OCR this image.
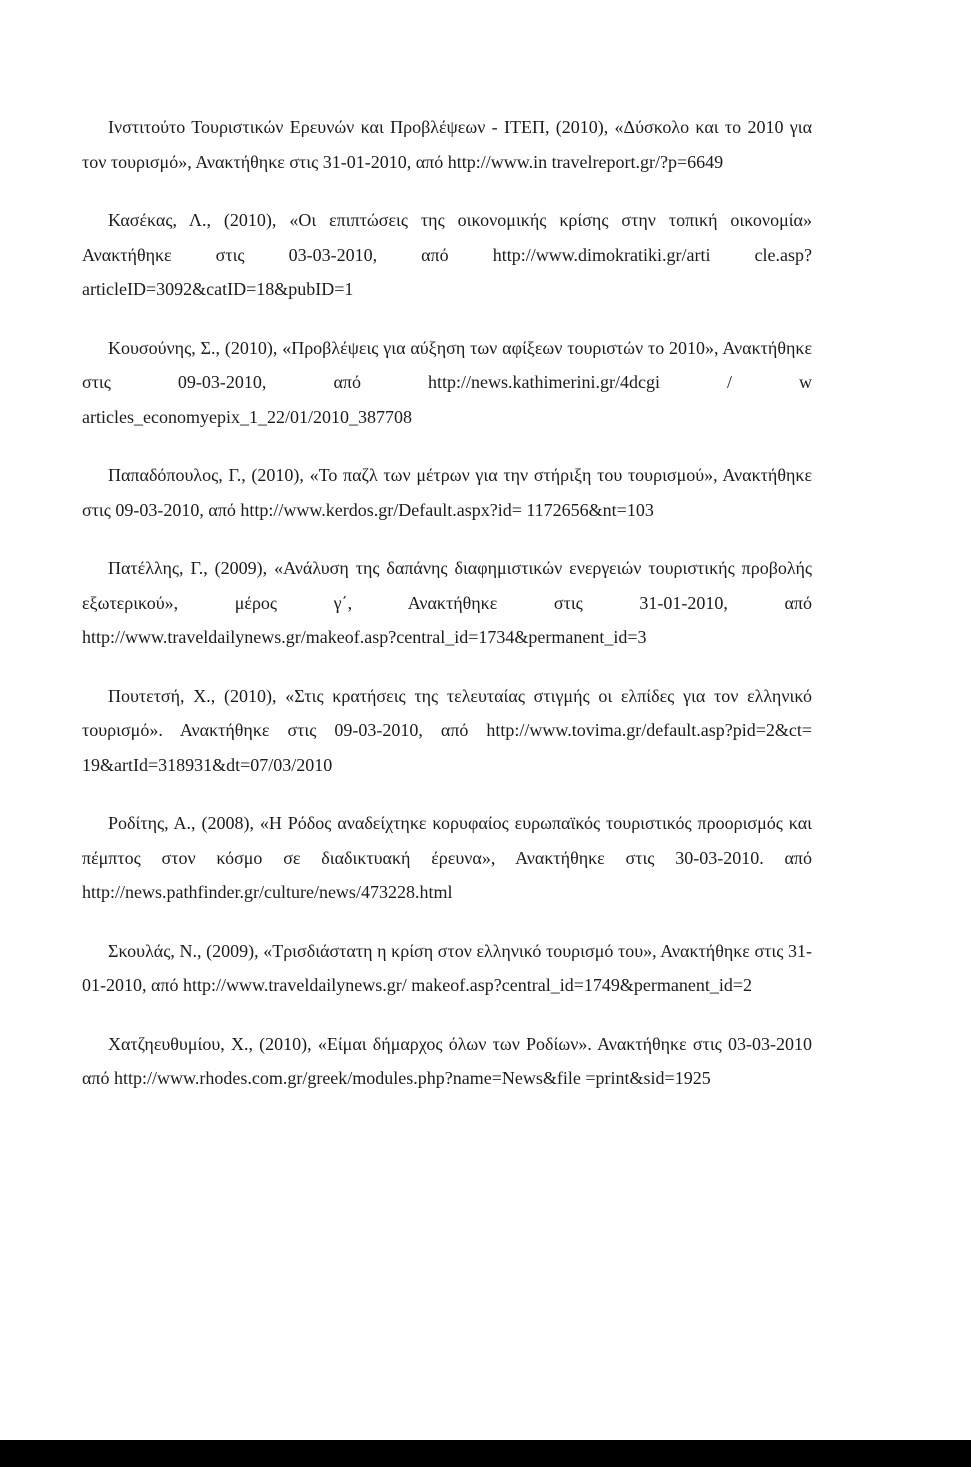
Ινστιτούτο Τουριστικών Ερευνών και Προβλέψεων - ΙΤΕΠ, (2010), «Δύσκολο και το 2010 για τον τουρισμό», Ανακτήθηκε στις 31-01-2010, από http://www.in travelreport.gr/?p=6649

Κασέκας, Λ., (2010), «Οι επιπτώσεις της οικονομικής κρίσης στην τοπική οικονομία» Ανακτήθηκε στις 03-03-2010, από http://www.dimokratiki.gr/arti cle.asp?articleID=3092&catID=18&pubID=1

Κουσούνης, Σ., (2010), «Προβλέψεις για αύξηση των αφίξεων τουριστών το 2010», Ανακτήθηκε στις 09-03-2010, από http://news.kathimerini.gr/4dcgi / w articles_economyepix_1_22/01/2010_387708

Παπαδόπουλος, Γ., (2010), «Το παζλ των μέτρων για την στήριξη του τουρισμού», Ανακτήθηκε στις 09-03-2010, από http://www.kerdos.gr/Default.aspx?id= 1172656&nt=103

Πατέλλης, Γ., (2009), «Ανάλυση της δαπάνης διαφημιστικών ενεργειών τουριστικής προβολής εξωτερικού», μέρος γ΄, Ανακτήθηκε στις 31-01-2010, από http://www.traveldailynews.gr/makeof.asp?central_id=1734&permanent_id=3

Πουτετσή, Χ., (2010), «Στις κρατήσεις της τελευταίας στιγμής οι ελπίδες για τον ελληνικό τουρισμό». Ανακτήθηκε στις 09-03-2010, από http://www.tovima.gr/default.asp?pid=2&ct= 19&artId=318931&dt=07/03/2010

Ροδίτης, Α., (2008), «Η Ρόδος αναδείχτηκε κορυφαίος ευρωπαϊκός τουριστικός προορισμός και πέμπτος στον κόσμο σε διαδικτυακή έρευνα», Ανακτήθηκε στις 30-03-2010. από http://news.pathfinder.gr/culture/news/473228.html

Σκουλάς, Ν., (2009), «Τρισδιάστατη η κρίση στον ελληνικό τουρισμό του», Ανακτήθηκε στις 31-01-2010, από http://www.traveldailynews.gr/ makeof.asp?central_id=1749&permanent_id=2

Χατζηευθυμίου, Χ., (2010), «Είμαι δήμαρχος όλων των Ροδίων». Ανακτήθηκε στις 03-03-2010 από http://www.rhodes.com.gr/greek/modules.php?name=News&file =print&sid=1925
